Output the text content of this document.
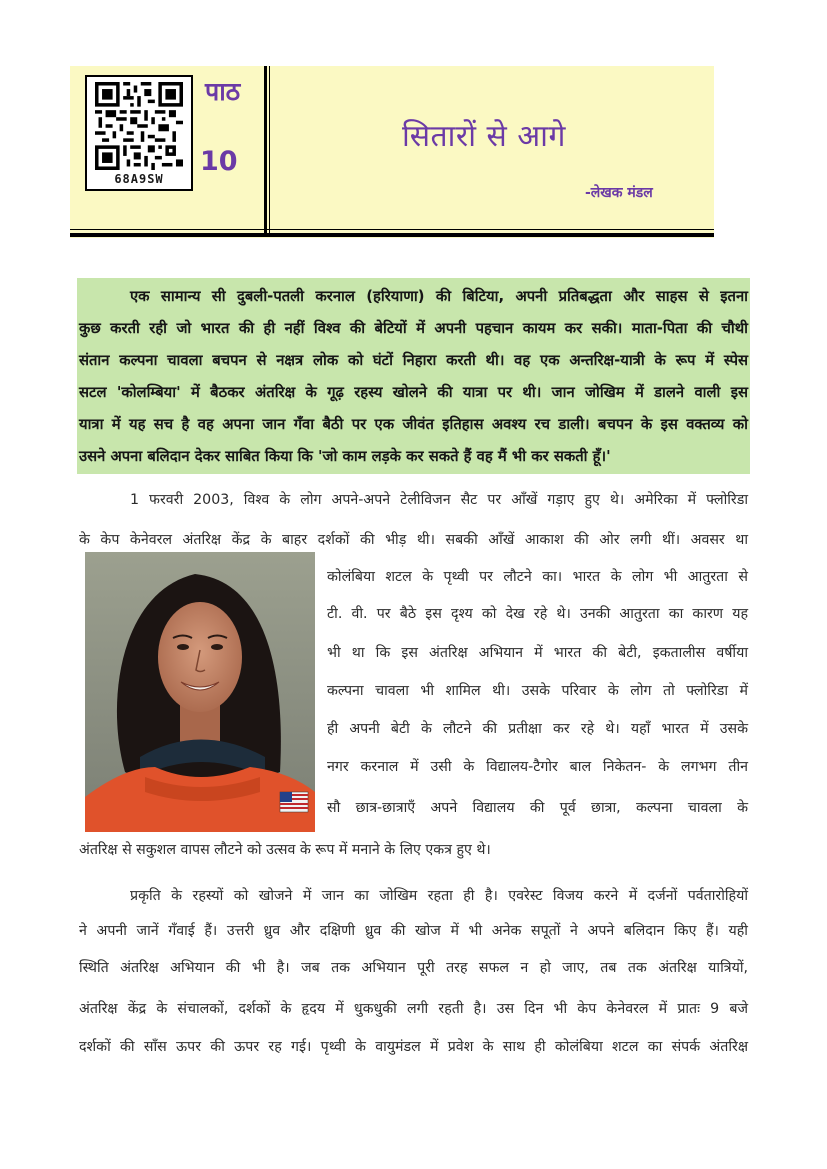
68A9SW
पाठ
10
सितारों से आगे
-लेखक मंडल
एक सामान्य सी दुबली-पतली करनाल (हरियाणा) की बिटिया, अपनी प्रतिबद्धता और साहस से इतना
कुछ करती रही जो भारत की ही नहीं विश्व की बेटियों में अपनी पहचान कायम कर सकी। माता-पिता की चौथी
संतान कल्पना चावला बचपन से नक्षत्र लोक को घंटों निहारा करती थी। वह एक अन्तरिक्ष-यात्री के रूप में स्पेस
सटल 'कोलम्बिया' में बैठकर अंतरिक्ष के गूढ़ रहस्य खोलने की यात्रा पर थी। जान जोखिम में डालने वाली इस
यात्रा में यह सच है वह अपना जान गँवा बैठी पर एक जीवंत इतिहास अवश्य रच डाली। बचपन के इस वक्तव्य को
उसने अपना बलिदान देकर साबित किया कि 'जो काम लड़के कर सकते हैं वह मैं भी कर सकती हूँ।'
1 फरवरी 2003, विश्व के लोग अपने-अपने टेलीविजन सैट पर आँखें गड़ाए हुए थे। अमेरिका में फ्लोरिडा
के केप केनेवरल अंतरिक्ष केंद्र के बाहर दर्शकों की भीड़ थी। सबकी आँखें आकाश की ओर लगी थीं। अवसर था
कोलंबिया शटल के पृथ्वी पर लौटने का। भारत के लोग भी आतुरता से
टी. वी. पर बैठे इस दृश्य को देख रहे थे। उनकी आतुरता का कारण यह
भी था कि इस अंतरिक्ष अभियान में भारत की बेटी, इकतालीस वर्षीया
कल्पना चावला भी शामिल थी। उसके परिवार के लोग तो फ्लोरिडा में
ही अपनी बेटी के लौटने की प्रतीक्षा कर रहे थे। यहाँ भारत में उसके
नगर करनाल में उसी के विद्यालय-टैगोर बाल निकेतन- के लगभग तीन
सौ छात्र-छात्राएँ अपने विद्यालय की पूर्व छात्रा, कल्पना चावला के
अंतरिक्ष से सकुशल वापस लौटने को उत्सव के रूप में मनाने के लिए एकत्र हुए थे।
प्रकृति के रहस्यों को खोजने में जान का जोखिम रहता ही है। एवरेस्ट विजय करने में दर्जनों पर्वतारोहियों
ने अपनी जानें गँवाई हैं। उत्तरी ध्रुव और दक्षिणी ध्रुव की खोज में भी अनेक सपूतों ने अपने बलिदान किए हैं। यही
स्थिति अंतरिक्ष अभियान की भी है। जब तक अभियान पूरी तरह सफल न हो जाए, तब तक अंतरिक्ष यात्रियों,
अंतरिक्ष केंद्र के संचालकों, दर्शकों के हृदय में धुकधुकी लगी रहती है। उस दिन भी केप केनेवरल में प्रातः 9 बजे
दर्शकों की साँस ऊपर की ऊपर रह गई। पृथ्वी के वायुमंडल में प्रवेश के साथ ही कोलंबिया शटल का संपर्क अंतरिक्ष
